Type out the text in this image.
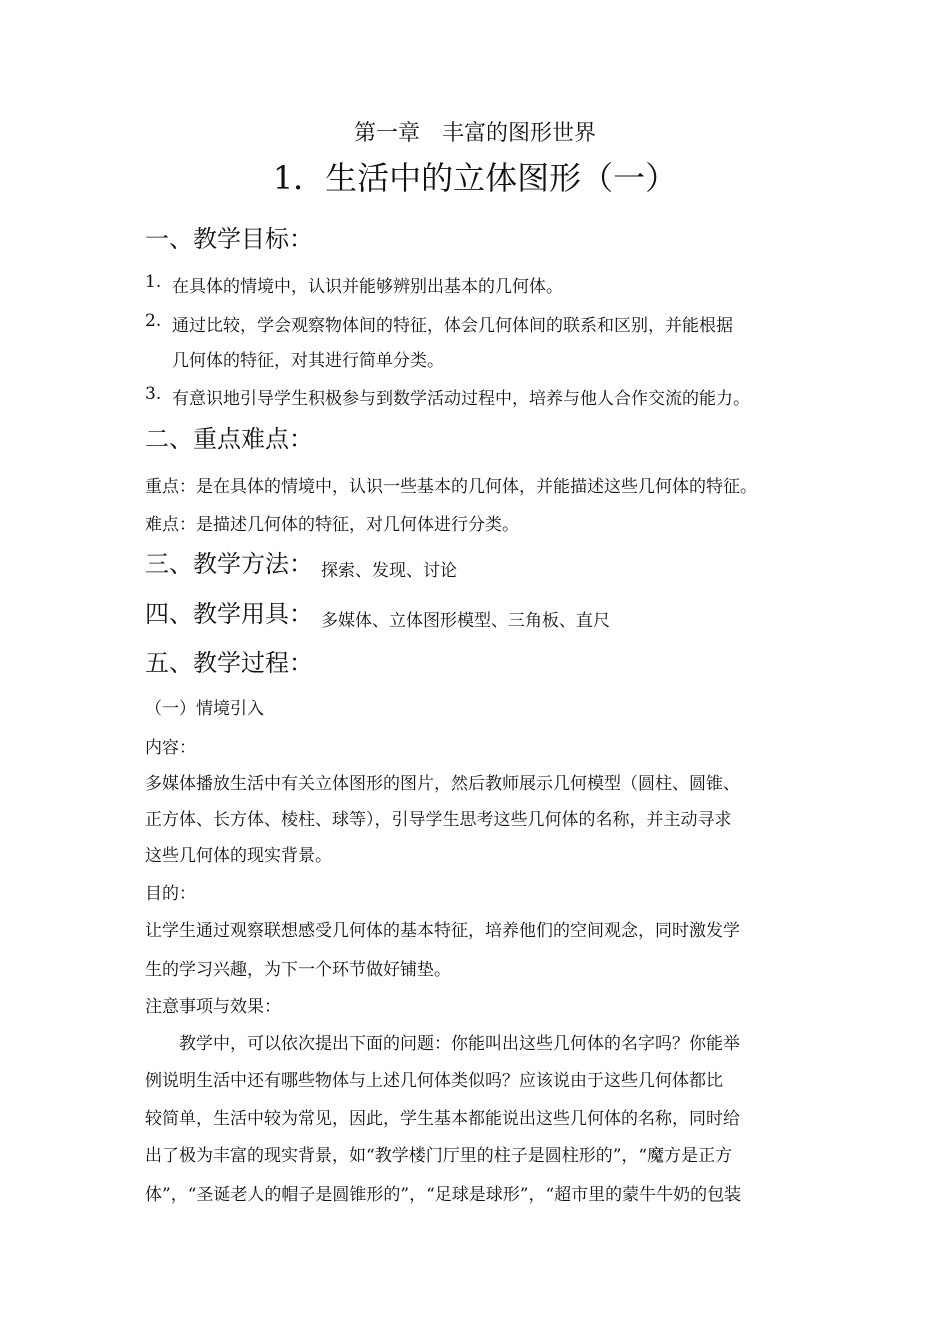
第一章　丰富的图形世界
1．生活中的立体图形（一）
一、教学目标：
1. 在具体的情境中，认识并能够辨别出基本的几何体。
2. 通过比较，学会观察物体间的特征，体会几何体间的联系和区别，并能根据
几何体的特征，对其进行简单分类。
3. 有意识地引导学生积极参与到数学活动过程中，培养与他人合作交流的能力。
二、重点难点：
重点：是在具体的情境中，认识一些基本的几何体，并能描述这些几何体的特征。
难点：是描述几何体的特征，对几何体进行分类。
三、教学方法： 探索、发现、讨论
四、教学用具： 多媒体、立体图形模型、三角板、直尺
五、教学过程：
（一）情境引入
内容：
多媒体播放生活中有关立体图形的图片，然后教师展示几何模型（圆柱、圆锥、
正方体、长方体、棱柱、球等），引导学生思考这些几何体的名称，并主动寻求
这些几何体的现实背景。
目的：
让学生通过观察联想感受几何体的基本特征，培养他们的空间观念，同时激发学
生的学习兴趣，为下一个环节做好铺垫。
注意事项与效果：
　　教学中，可以依次提出下面的问题：你能叫出这些几何体的名字吗？你能举
例说明生活中还有哪些物体与上述几何体类似吗？应该说由于这些几何体都比
较简单，生活中较为常见，因此，学生基本都能说出这些几何体的名称，同时给
出了极为丰富的现实背景，如“教学楼门厅里的柱子是圆柱形的”，“魔方是正方
体”，“圣诞老人的帽子是圆锥形的”，“足球是球形”，“超市里的蒙牛牛奶的包装
